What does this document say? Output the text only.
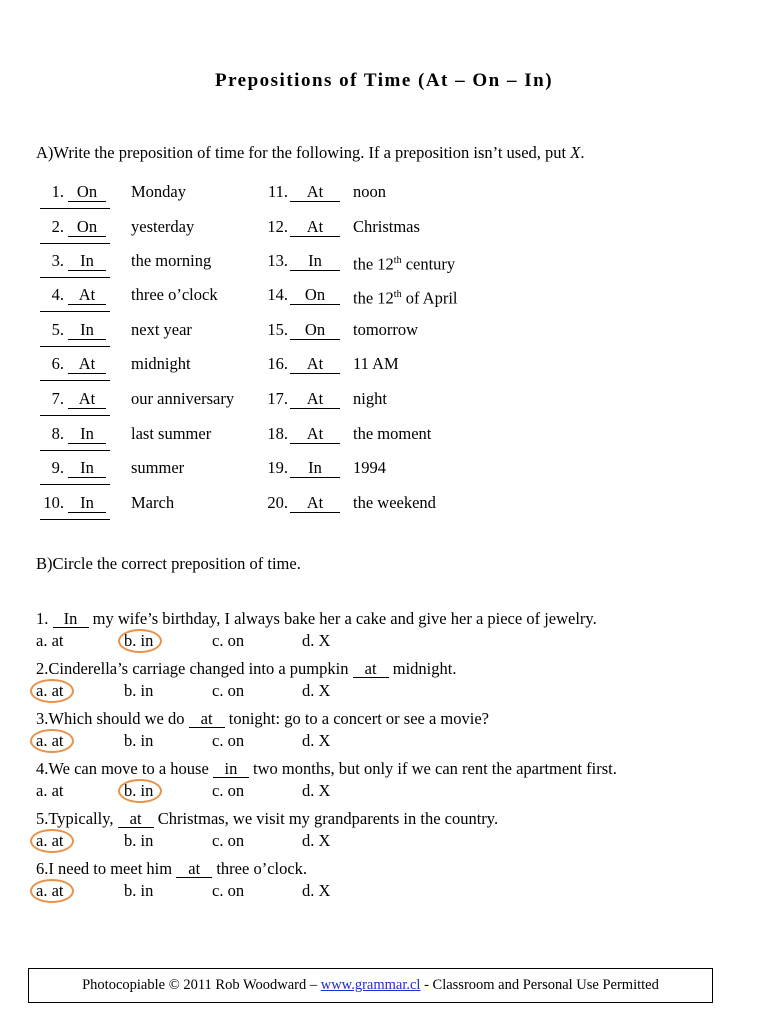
Prepositions of Time (At – On – In)
A)Write the preposition of time for the following. If a preposition isn’t used, put X.
1. On	Monday
2. On	yesterday
3. In	the morning
4. At	three o’clock
5. In	next year
6. At	midnight
7. At	our anniversary
8. In	last summer
9. In	summer
10. In	March
11.	At	noon
12.	At	Christmas
13.	In	the 12th century
14.	On	the 12th of April
15.	On	tomorrow
16.	At	11 AM
17.	At	night
18.	At	the moment
19.	In	1994
20.	At	the weekend
B)Circle the correct preposition of time.
1. In my wife’s birthday, I always bake her a cake and give her a piece of jewelry.
a. at	b. in	c. on	d. X
2.Cinderella’s carriage changed into a pumpkin at midnight.
a. at	b. in	c. on	d. X
3.Which should we do at tonight: go to a concert or see a movie?
a. at	b. in	c. on	d. X
4.We can move to a house in two months, but only if we can rent the apartment first.
a. at	b. in	c. on	d. X
5.Typically, at Christmas, we visit my grandparents in the country.
a. at	b. in	c. on	d. X
6.I need to meet him at three o’clock.
a. at	b. in	c. on	d. X
Photocopiable © 2011 Rob Woodward – www.grammar.cl - Classroom and Personal Use Permitted
